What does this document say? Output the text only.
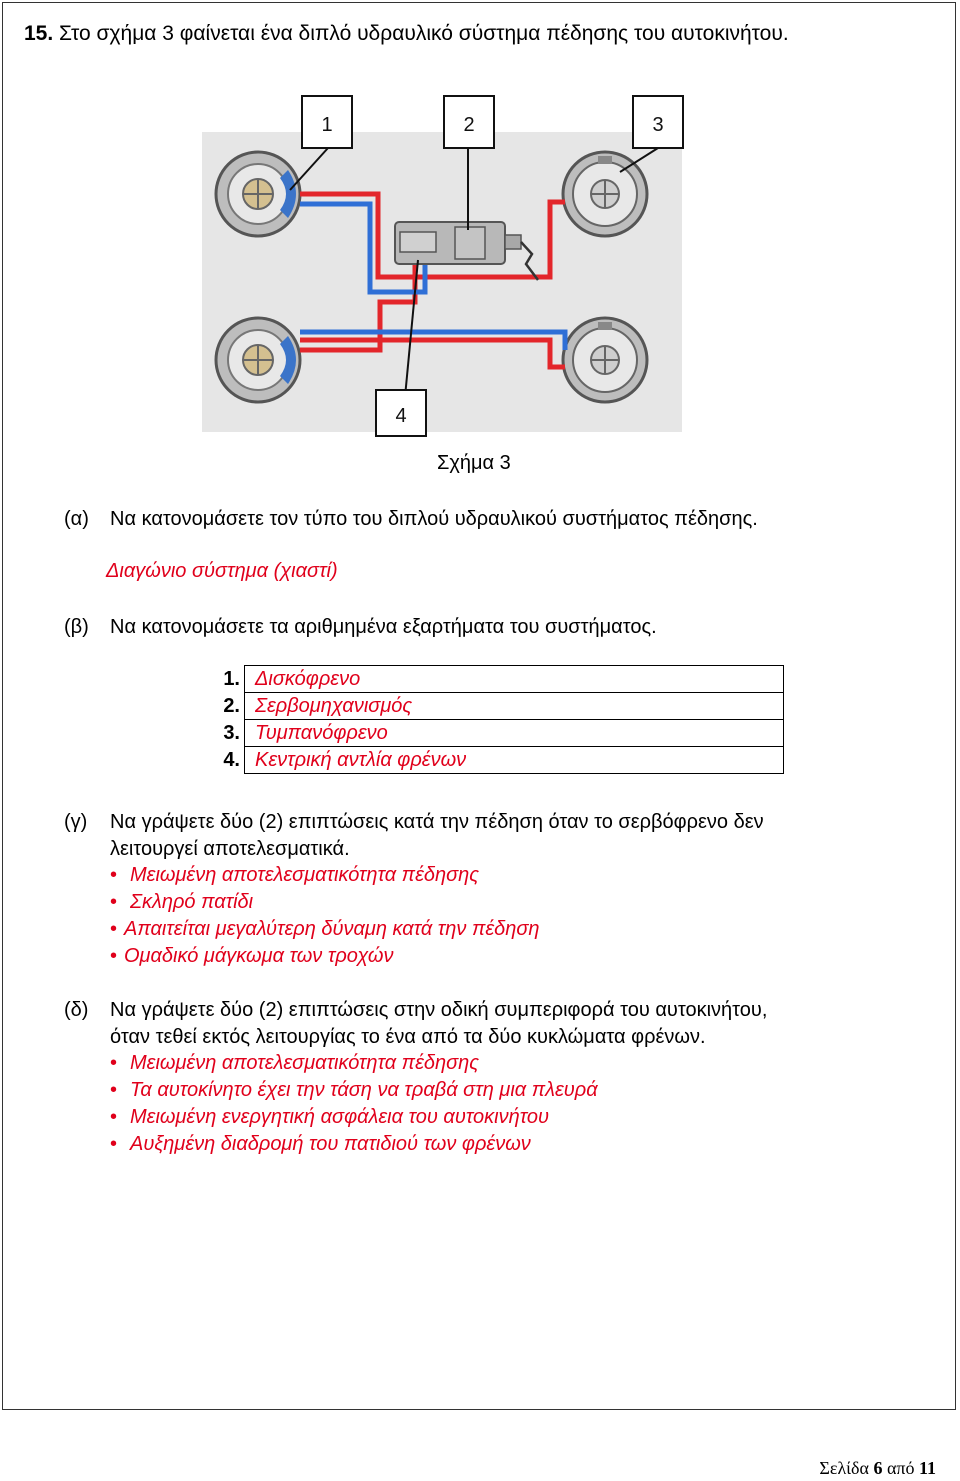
15. Στο σχήμα 3 φαίνεται ένα διπλό υδραυλικό σύστημα πέδησης του αυτοκινήτου.
1	2	3
4
Σχήμα 3
(α) Να κατονομάσετε τον τύπο του διπλού υδραυλικού συστήματος πέδησης.
Διαγώνιο σύστημα (χιαστί)
(β) Να κατονομάσετε τα αριθμημένα εξαρτήματα του συστήματος.
1.	Δισκόφρενο
2.	Σερβομηχανισμός
3.	Τυμπανόφρενο
4.	Κεντρική αντλία φρένων
(γ) Να γράψετε δύο (2) επιπτώσεις κατά την πέδηση όταν το σερβόφρενο δεν
λειτουργεί αποτελεσματικά.
• Μειωμένη αποτελεσματικότητα πέδησης
• Σκληρό πατίδι
• Απαιτείται μεγαλύτερη δύναμη κατά την πέδηση
• Ομαδικό μάγκωμα των τροχών
(δ) Να γράψετε δύο (2) επιπτώσεις στην οδική συμπεριφορά του αυτοκινήτου,
όταν τεθεί εκτός λειτουργίας το ένα από τα δύο κυκλώματα φρένων.
• Μειωμένη αποτελεσματικότητα πέδησης
• Τα αυτοκίνητο έχει την τάση να τραβά στη μια πλευρά
• Μειωμένη ενεργητική ασφάλεια του αυτοκινήτου
• Αυξημένη διαδρομή του πατιδιού των φρένων
Σελίδα 6 από 11
